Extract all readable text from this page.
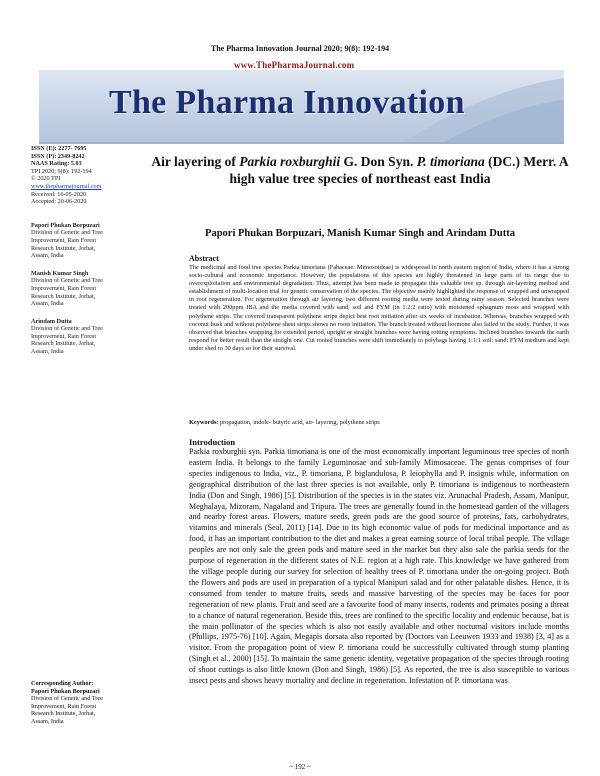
The Pharma Innovation Journal 2020; 9(8): 192-194
www.ThePharmaJournal.com
The Pharma Innovation
ISSN (E): 2277- 7695
ISSN (P): 2349-8242
NAAS Rating: 5.03
TPI 2020; 9(8): 192-194
© 2020 TPI
www.thepharmajournal.com
Received: 16-05-2020
Accepted: 20-06-2020
Papori Phukan Borpuzari
Division of Genetic and Tree
Improvement, Rain Forest
Research Institute, Jorhat,
Assam, India
Manish Kumar Singh
Division of Genetic and Tree
Improvement, Rain Forest
Research Institute, Jorhat,
Assam, India
Arindam Dutta
Division of Genetic and Tree
Improvement, Rain Forest
Research Institute, Jorhat,
Assam, India
Corresponding Author:
Papori Phukan Borpuzari
Division of Genetic and Tree
Improvement, Rain Forest
Research Institute, Jorhat,
Assam, India
Air layering of Parkia roxburghii G. Don Syn. P. timoriana (DC.) Merr. A high value tree species of northeast east India
Papori Phukan Borpuzari, Manish Kumar Singh and Arindam Dutta
Abstract
The medicinal and food tree species Parkia timoriana (Fabaceae: Mimosoideae) is widespread in north eastern region of India, where it has a strong socio-cultural and economic importance. However, the populations of this species are highly threatened in large parts of its range due to overexploitation and environmental degradation. Thus, attempt has been made to propagate this valuable tree sp. through air-layering method and establishment of multi-location trial for genetic conservation of the species. The objective mainly highlighted the response of wrapped and unwrapped in root regeneration. For regeneration through air layering, two different rooting media were tested during rainy season. Selected branches were treated with 200ppm IBA and the media covered with sand, soil and FYM (in 1:2:2 ratio) with moistened sphagnum moss and wrapped with polythene strips. The covered transparent polythene strips depict best root initiation after six weeks of incubation. Whereas, branches wrapped with coconut husk and without polythene sheet strips shows no roots initiation. The branch treated without hormone also failed in the study. Further, it was observed that branches wrapping for extended period, upright or straight branches were having rotting symptoms. Inclined branches towards the earth respond for better result than the straight one. Cut rooted branches were shift immediately to polybags having 1:1:1 soil: sand: FYM medium and kept under shed to 30 days so for their survival.
Keywords: propagation, indole- butyric acid, air- layering, polythene strips
Introduction
Parkia roxburghii syn. Parkia timoriana is one of the most economically important leguminous tree species of north eastern India. It belongs to the family Leguminosae and sub-family Mimosaceae. The genus comprises of four species indigenous to India, viz., P. timoriana, P. biglandulosa, P. leiophylla and P. insignis while, information on geographical distribution of the last three species is not available, only P. timoriana is indigenous to northeastern India (Don and Singh, 1986) [5]. Distribution of the species is in the states viz. Arunachal Pradesh, Assam, Manipur, Meghalaya, Mizoram, Nagaland and Tripura. The trees are generally found in the homestead garden of the villagers and nearby forest areas. Flowers, mature seeds, green pods are the good source of proteins, fats, carbohydrates, vitamins and minerals (Seal, 2011) [14]. Due to its high economic value of pods for medicinal importance and as food, it has an important contribution to the diet and makes a great earning source of local tribal people. The village peoples are not only sale the green pods and mature seed in the market but they also sale the parkia seeds for the purpose of regeneration in the different states of N.E. region at a high rate. This knowledge we have gathered from the village people during our survey for selection of healthy trees of P. timoriana under the on-going project. Both the flowers and pods are used in preparation of a typical Manipuri salad and for other palatable dishes. Hence, it is consumed from tender to mature fruits, seeds and massive harvesting of the species may be faces for poor regeneration of new plants. Fruit and seed are a favourite food of many insects, rodents and primates posing a threat to a chance of natural regeneration. Beside this, trees are confined to the specific locality and endemic because, bat is the main pollinator of the species which is also not easily available and other nocturnal visitors include months (Phillips, 1975-76) [10]. Again, Megapis dorsata also reported by (Doctors van Leeuwen 1933 and 1938) [3, 4] as a visitor. From the propagation point of view P. timoriana could be successfully cultivated through stump planting (Singh et al., 2000) [15]. To maintain the same genetic identity, vegetative propagation of the species through rooting of shoot cuttings is also little known (Don and Singh, 1986) [5]. As reported, the tree is also susceptible to various insect pests and shows heavy mortality and decline in regeneration. Infestation of P. timoriana was
~ 192 ~
